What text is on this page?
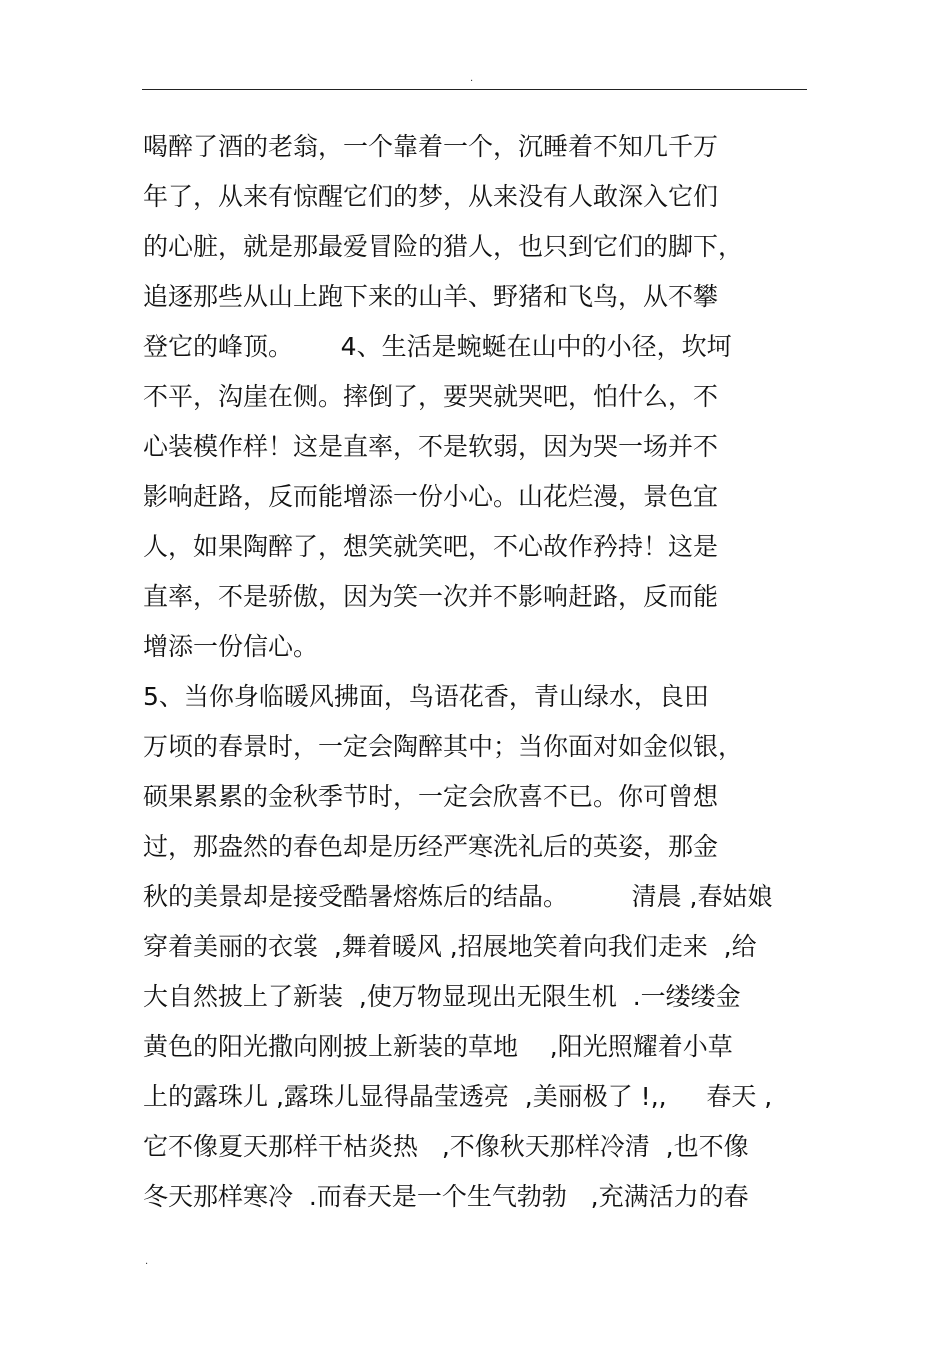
.
喝醉了酒的老翁，一个靠着一个，沉睡着不知几千万
年了，从来有惊醒它们的梦，从来没有人敢深入它们
的心脏，就是那最爱冒险的猎人，也只到它们的脚下，
追逐那些从山上跑下来的山羊、野猪和飞鸟，从不攀
登它的峰顶。      4、生活是蜿蜒在山中的小径，坎坷
不平，沟崖在侧。摔倒了，要哭就哭吧，怕什么，不
心装模作样！这是直率，不是软弱，因为哭一场并不
影响赶路，反而能增添一份小心。山花烂漫，景色宜
人，如果陶醉了，想笑就笑吧，不心故作矜持！这是
直率，不是骄傲，因为笑一次并不影响赶路，反而能
增添一份信心。
5、当你身临暖风拂面，鸟语花香，青山绿水，良田
万顷的春景时，一定会陶醉其中；当你面对如金似银，
硕果累累的金秋季节时，一定会欣喜不已。你可曾想
过，那盎然的春色却是历经严寒洗礼后的英姿，那金
秋的美景却是接受酷暑熔炼后的结晶。        清晨 ,春姑娘
穿着美丽的衣裳  ,舞着暖风 ,招展地笑着向我们走来  ,给
大自然披上了新装  ,使万物显现出无限生机  .一缕缕金
黄色的阳光撒向刚披上新装的草地    ,阳光照耀着小草
上的露珠儿 ,露珠儿显得晶莹透亮  ,美丽极了 !,,     春天 ,
它不像夏天那样干枯炎热   ,不像秋天那样冷清  ,也不像
冬天那样寒冷  .而春天是一个生气勃勃   ,充满活力的春
.
